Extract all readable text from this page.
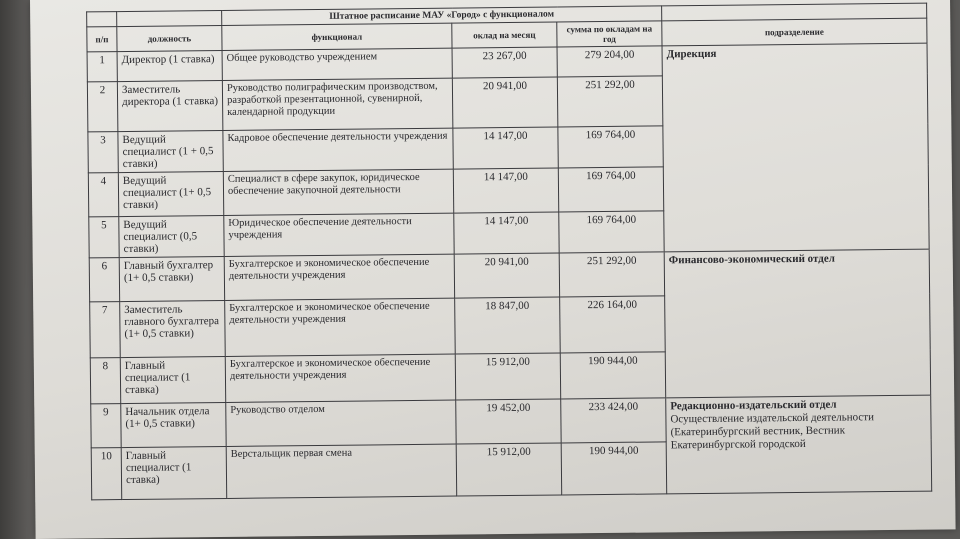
		Штатное расписание МАУ «Город» с функционалом			
п/п	должность	функционал	оклад на месяц	сумма по окладам на год	подразделение
1	Директор (1 ставка)	Общее руководство учреждением	23 267,00	279 204,00	Дирекция
2	Заместитель директора (1 ставка)	Руководство полиграфическим производством, разработкой презентационной, сувенирной, календарной продукции	20 941,00	251 292,00	
3	Ведущий специалист (1 + 0,5 ставки)	Кадровое обеспечение деятельности учреждения	14 147,00	169 764,00	
4	Ведущий специалист (1+ 0,5 ставки)	Специалист в сфере закупок, юридическое обеспечение закупочной деятельности	14 147,00	169 764,00	
5	Ведущий специалист (0,5 ставки)	Юридическое обеспечение деятельности учреждения	14 147,00	169 764,00	
6	Главный бухгалтер (1+ 0,5 ставки)	Бухгалтерское и экономическое обеспечение деятельности учреждения	20 941,00	251 292,00	Финансово-экономический отдел
7	Заместитель главного бухгалтера (1+ 0,5 ставки)	Бухгалтерское и экономическое обеспечение деятельности учреждения	18 847,00	226 164,00	
8	Главный специалист (1 ставка)	Бухгалтерское и экономическое обеспечение деятельности учреждения	15 912,00	190 944,00	
9	Начальник отдела (1+ 0,5 ставки)	Руководство отделом	19 452,00	233 424,00	Редакционно-издательский отдел
Осуществление издательской деятельности (Екатеринбургский вестник, Вестник Екатеринбургской городской

10	Главный специалист (1 ставка)	Верстальщик первая смена	15 912,00	190 944,00	
